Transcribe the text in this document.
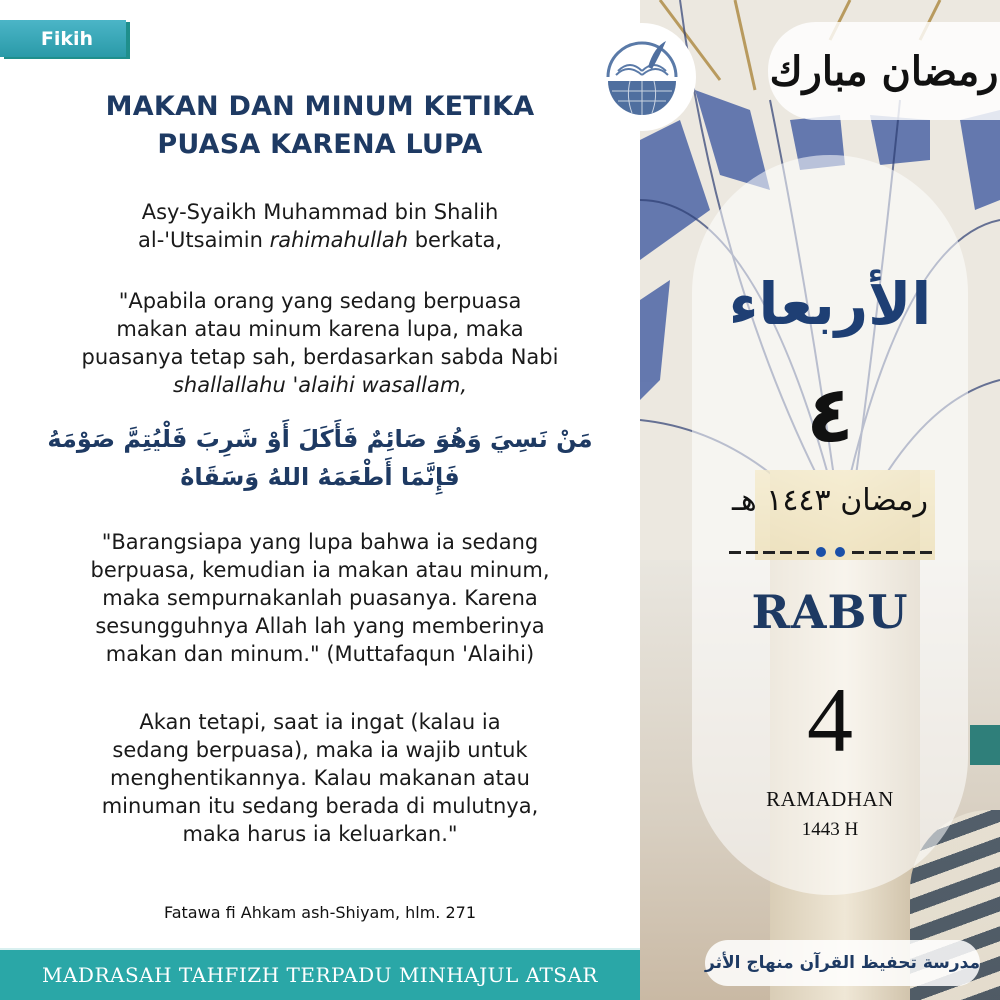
Fikih
MAKAN DAN MINUM KETIKA
PUASA KARENA LUPA
Asy-Syaikh Muhammad bin Shalih
al-'Utsaimin rahimahullah berkata,
"Apabila orang yang sedang berpuasa
makan atau minum karena lupa, maka
puasanya tetap sah, berdasarkan sabda Nabi
shallallahu 'alaihi wasallam,
مَنْ نَسِيَ وَهُوَ صَائِمٌ فَأَكَلَ أَوْ شَرِبَ فَلْيُتِمَّ صَوْمَهُ
فَإِنَّمَا أَطْعَمَهُ اللهُ وَسَقَاهُ
"Barangsiapa yang lupa bahwa ia sedang
berpuasa, kemudian ia makan atau minum,
maka sempurnakanlah puasanya. Karena
sesungguhnya Allah lah yang memberinya
makan dan minum." (Muttafaqun 'Alaihi)
Akan tetapi, saat ia ingat (kalau ia
sedang berpuasa), maka ia wajib untuk
menghentikannya. Kalau makanan atau
minuman itu sedang berada di mulutnya,
maka harus ia keluarkan."
Fatawa fi Ahkam ash-Shiyam, hlm. 271
MADRASAH TAHFIZH TERPADU MINHAJUL ATSAR
رمضان مبارك
الأربعاء
٤
رمضان ١٤٤٣ هـ
RABU
4
RAMADHAN
1443 H
مدرسة تحفيظ القرآن منهاج الأثر
